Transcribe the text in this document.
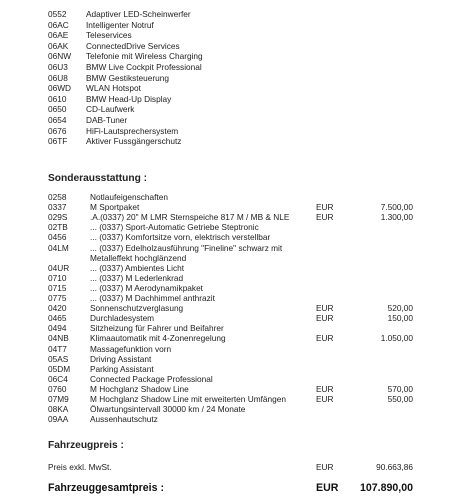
0552 Adaptiver LED-Scheinwerfer
06AC Intelligenter Notruf
06AE Teleservices
06AK ConnectedDrive Services
06NW Telefonie mit Wireless Charging
06U3 BMW Live Cockpit Professional
06U8 BMW Gestiksteuerung
06WD WLAN Hotspot
0610 BMW Head-Up Display
0650 CD-Laufwerk
0654 DAB-Tuner
0676 HiFi-Lautsprechersystem
06TF Aktiver Fussgängerschutz
Sonderausstattung :
0258	Notlaufeigenschaften
0337	M Sportpaket	EUR	7.500,00
029S	.A.(0337) 20" M LMR Sternspeiche 817 M / MB & NLE	EUR	1.300,00
02TB	... (0337) Sport-Automatic Getriebe Steptronic
0456	... (0337) Komfortsitze vorn, elektrisch verstellbar
04LM	... (0337) Edelholzausführung "Fineline" schwarz mit
Metalleffekt hochglänzend
04UR	... (0337) Ambientes Licht
0710	... (0337) M Lederlenkrad
0715	... (0337) M Aerodynamikpaket
0775	... (0337) M Dachhimmel anthrazit
0420	Sonnenschutzverglasung	EUR	520,00
0465	Durchladesystem	EUR	150,00
0494	Sitzheizung für Fahrer und Beifahrer
04NB	Klimaautomatik mit 4-Zonenregelung	EUR	1.050,00
04T7	Massagefunktion vorn
05AS	Driving Assistant
05DM Parking Assistant
06C4	Connected Package Professional
0760	M Hochglanz Shadow Line	EUR	570,00
07M9	M Hochglanz Shadow Line mit erweiterten Umfängen	EUR	550,00
08KA	Ölwartungsintervall 30000 km / 24 Monate
09AA	Aussenhautschutz
Fahrzeugpreis :
Preis exkl. MwSt.	EUR	90.663,86
Fahrzeuggesamtpreis :	EUR 107.890,00
